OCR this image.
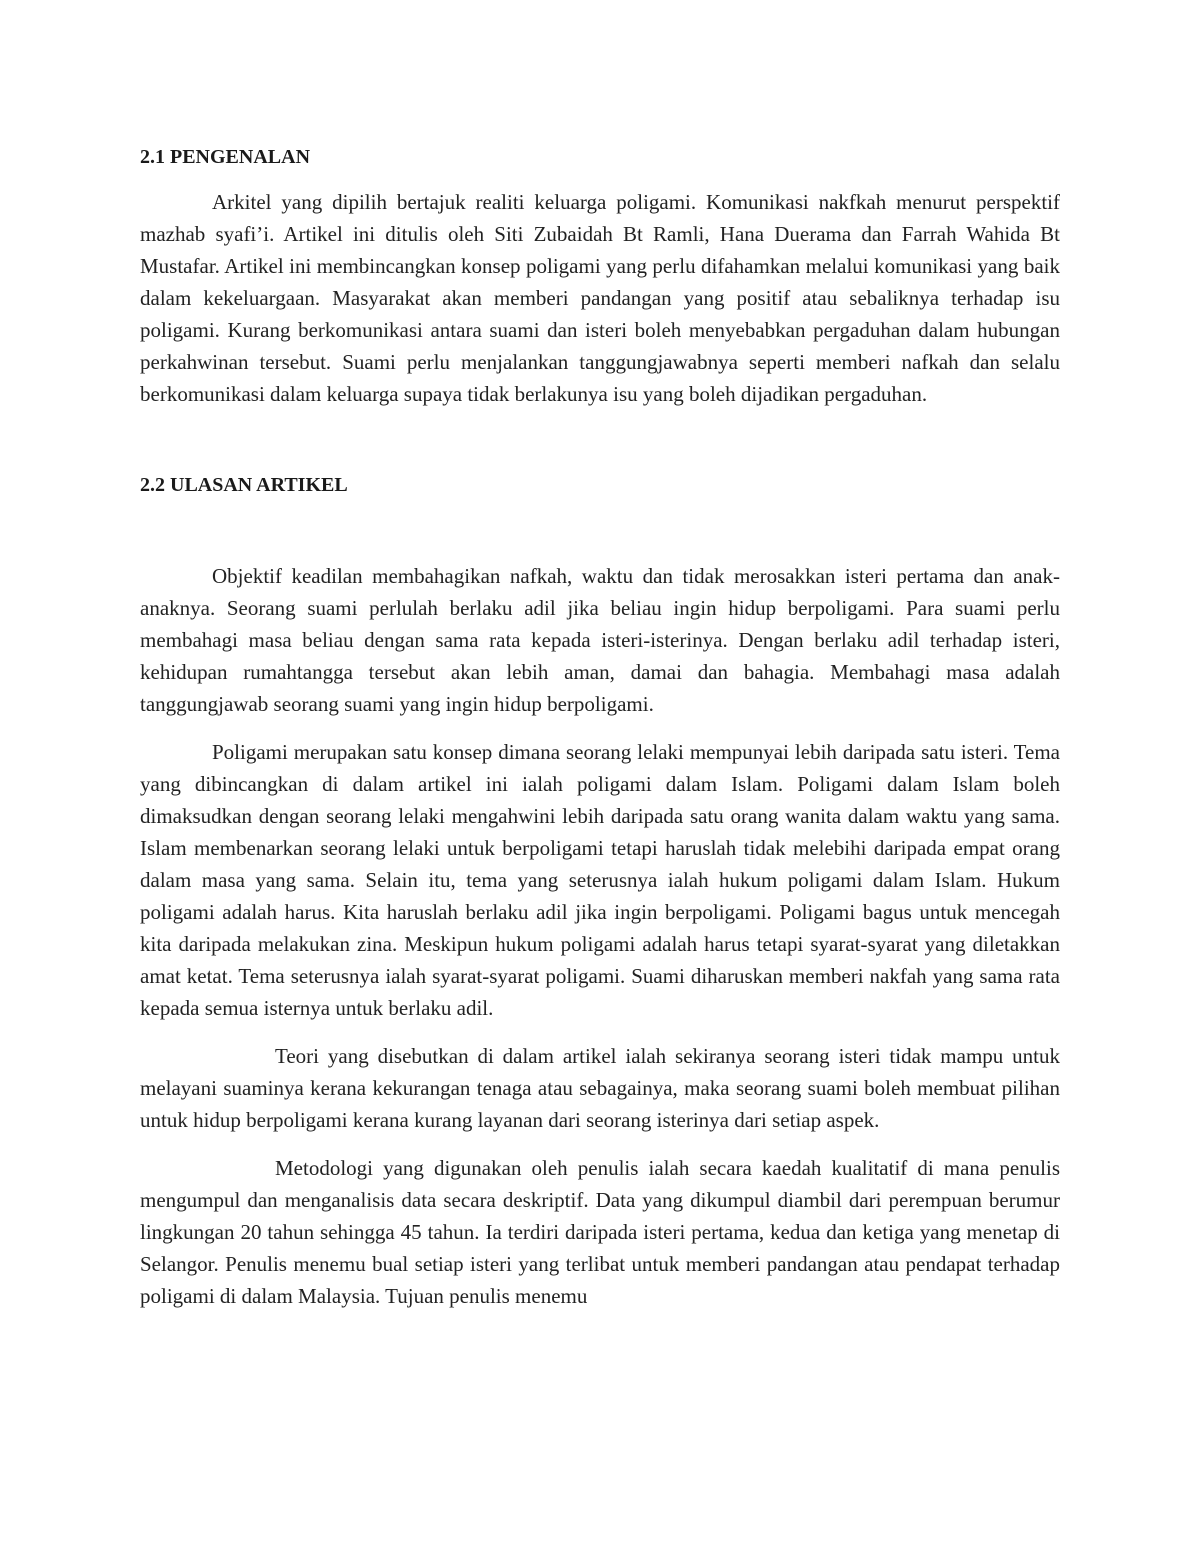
2.1 PENGENALAN

Arkitel yang dipilih bertajuk realiti keluarga poligami. Komunikasi nakfkah menurut perspektif mazhab syafi’i. Artikel ini ditulis oleh Siti Zubaidah Bt Ramli, Hana Duerama dan Farrah Wahida Bt Mustafar. Artikel ini membincangkan konsep poligami yang perlu difahamkan melalui komunikasi yang baik dalam kekeluargaan. Masyarakat akan memberi pandangan yang positif atau sebaliknya terhadap isu poligami. Kurang berkomunikasi antara suami dan isteri boleh menyebabkan pergaduhan dalam hubungan perkahwinan tersebut. Suami perlu menjalankan tanggungjawabnya seperti memberi nafkah dan selalu berkomunikasi dalam keluarga supaya tidak berlakunya isu yang boleh dijadikan pergaduhan.

2.2 ULASAN ARTIKEL

Objektif keadilan membahagikan nafkah, waktu dan tidak merosakkan isteri pertama dan anak-anaknya. Seorang suami perlulah berlaku adil jika beliau ingin hidup berpoligami. Para suami perlu membahagi masa beliau dengan sama rata kepada isteri-isterinya. Dengan berlaku adil terhadap isteri, kehidupan rumahtangga tersebut akan lebih aman, damai dan bahagia. Membahagi masa adalah tanggungjawab seorang suami yang ingin hidup berpoligami.

Poligami merupakan satu konsep dimana seorang lelaki mempunyai lebih daripada satu isteri. Tema yang dibincangkan di dalam artikel ini ialah poligami dalam Islam. Poligami dalam Islam boleh dimaksudkan dengan seorang lelaki mengahwini lebih daripada satu orang wanita dalam waktu yang sama. Islam membenarkan seorang lelaki untuk berpoligami tetapi haruslah tidak melebihi daripada empat orang dalam masa yang sama. Selain itu, tema yang seterusnya ialah hukum poligami dalam Islam. Hukum poligami adalah harus. Kita haruslah berlaku adil jika ingin berpoligami. Poligami bagus untuk mencegah kita daripada melakukan zina. Meskipun hukum poligami adalah harus tetapi syarat-syarat yang diletakkan amat ketat. Tema seterusnya ialah syarat-syarat poligami. Suami diharuskan memberi nakfah yang sama rata kepada semua isternya untuk berlaku adil.

Teori yang disebutkan di dalam artikel ialah sekiranya seorang isteri tidak mampu untuk melayani suaminya kerana kekurangan tenaga atau sebagainya, maka seorang suami boleh membuat pilihan untuk hidup berpoligami kerana kurang layanan dari seorang isterinya dari setiap aspek.

Metodologi yang digunakan oleh penulis ialah secara kaedah kualitatif di mana penulis mengumpul dan menganalisis data secara deskriptif. Data yang dikumpul diambil dari perempuan berumur lingkungan 20 tahun sehingga 45 tahun. Ia terdiri daripada isteri pertama, kedua dan ketiga yang menetap di Selangor. Penulis menemu bual setiap isteri yang terlibat untuk memberi pandangan atau pendapat terhadap poligami di dalam Malaysia. Tujuan penulis menemu
